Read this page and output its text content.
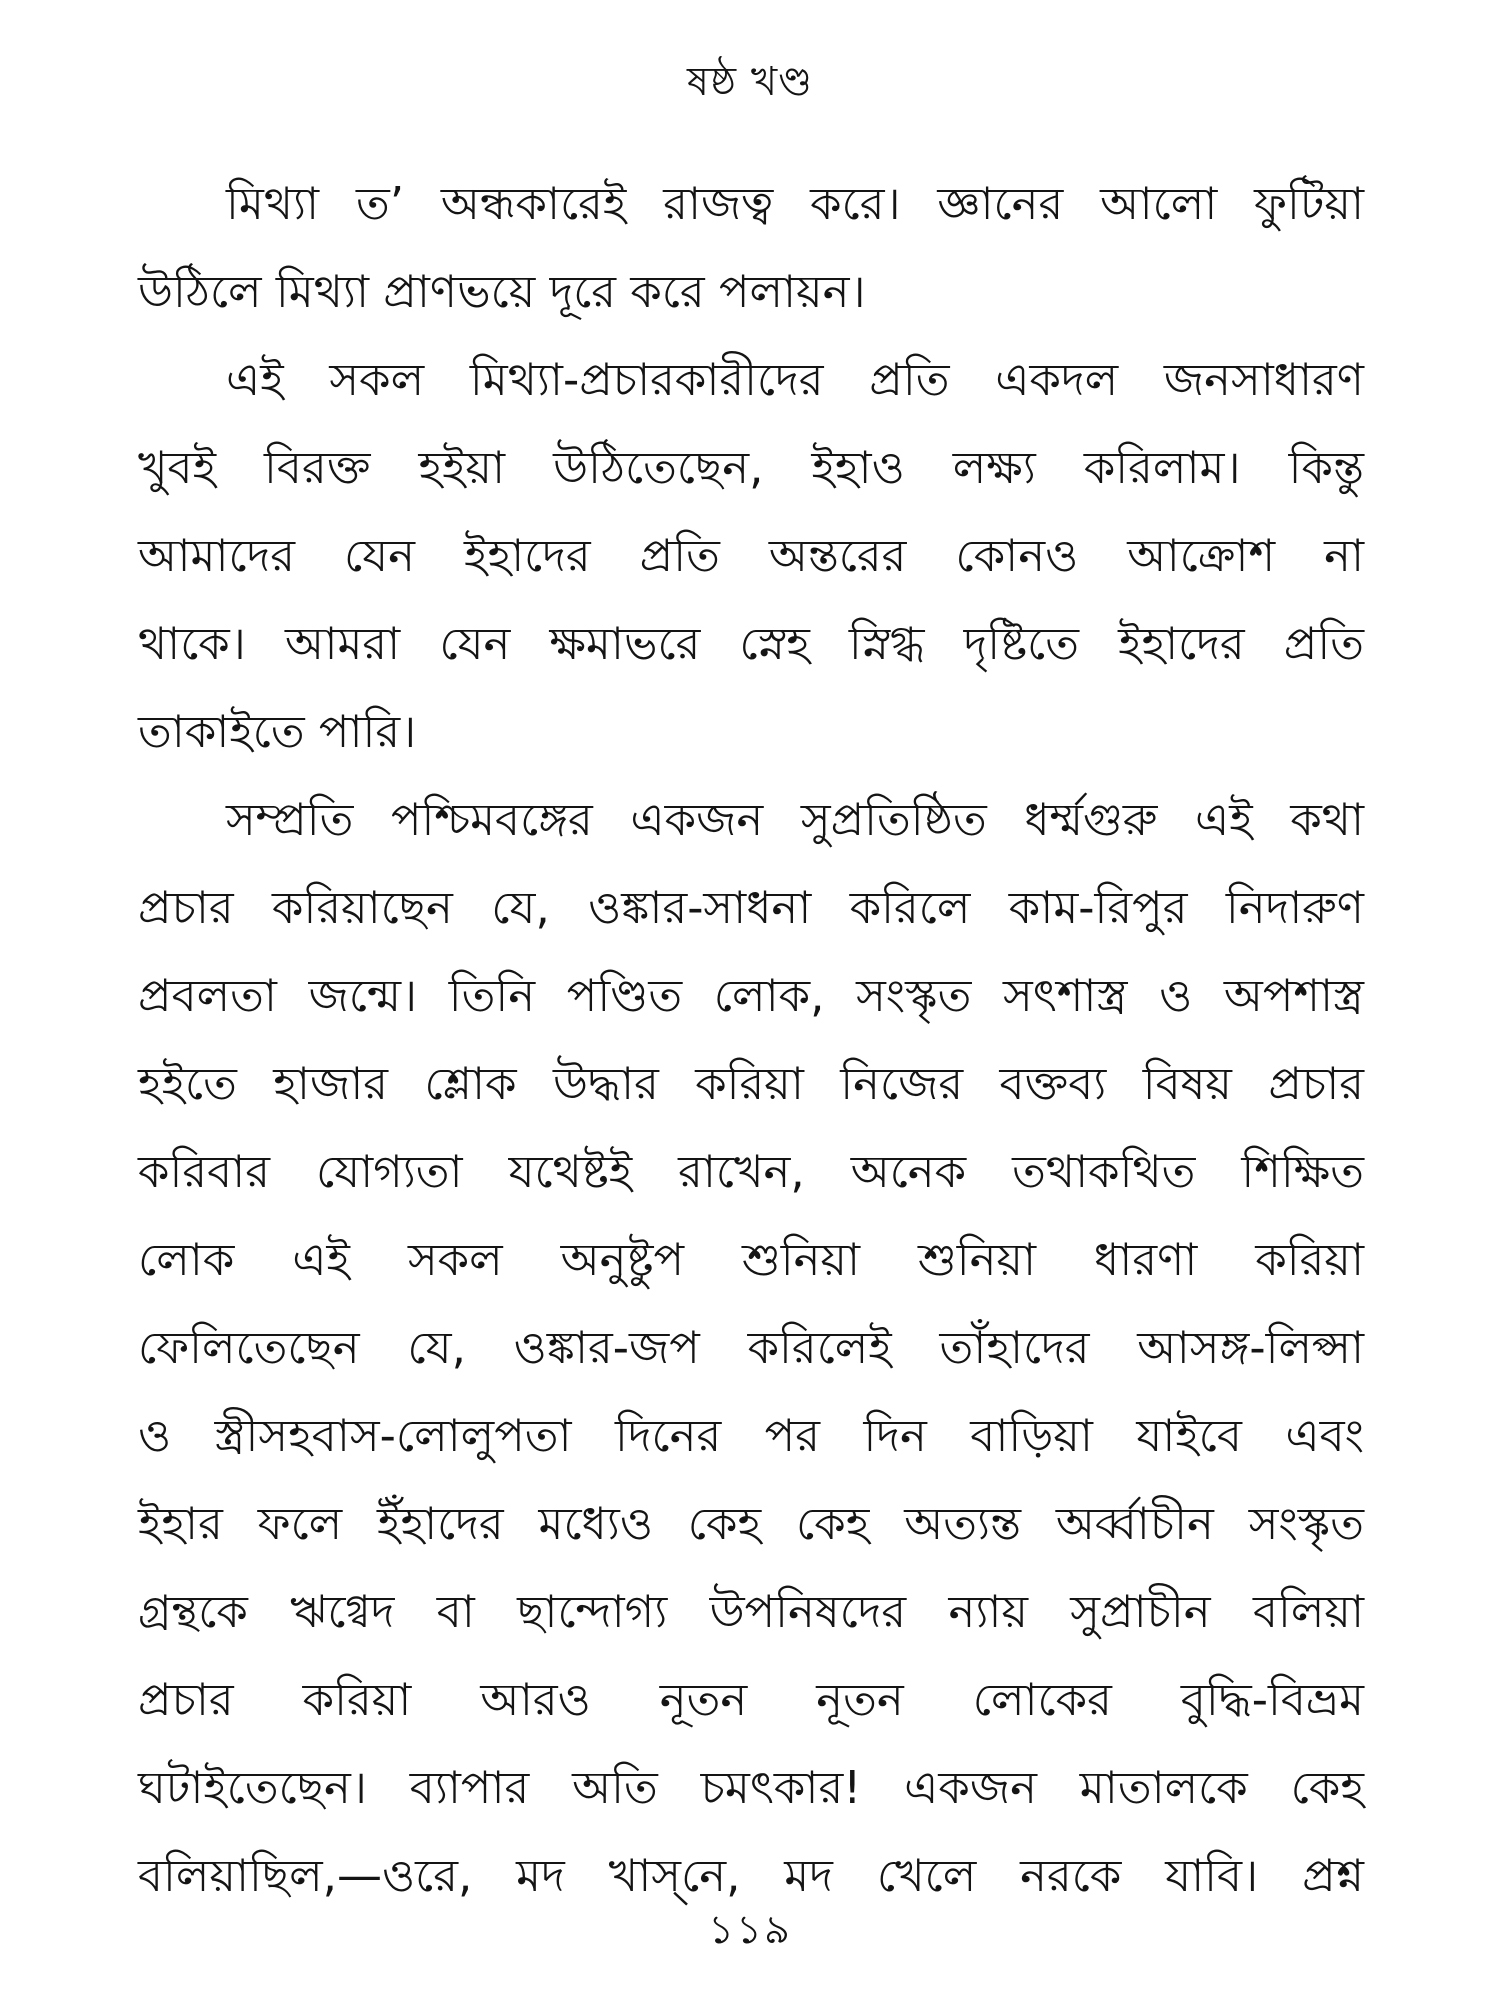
ষষ্ঠ খণ্ড
মিথ্যা ত’ অন্ধকারেই রাজত্ব করে। জ্ঞানের আলো ফুটিয়া
উঠিলে মিথ্যা প্রাণভয়ে দূরে করে পলায়ন।
এই সকল মিথ্যা-প্রচারকারীদের প্রতি একদল জনসাধারণ
খুবই বিরক্ত হইয়া উঠিতেছেন, ইহাও লক্ষ্য করিলাম। কিন্তু
আমাদের যেন ইহাদের প্রতি অন্তরের কোনও আক্রোশ না
থাকে। আমরা যেন ক্ষমাভরে স্নেহ স্নিগ্ধ দৃষ্টিতে ইহাদের প্রতি
তাকাইতে পারি।
সম্প্রতি পশ্চিমবঙ্গের একজন সুপ্রতিষ্ঠিত ধর্ম্মগুরু এই কথা
প্রচার করিয়াছেন যে, ওঙ্কার-সাধনা করিলে কাম-রিপুর নিদারুণ
প্রবলতা জন্মে। তিনি পণ্ডিত লোক, সংস্কৃত সৎশাস্ত্র ও অপশাস্ত্র
হইতে হাজার শ্লোক উদ্ধার করিয়া নিজের বক্তব্য বিষয় প্রচার
করিবার যোগ্যতা যথেষ্টই রাখেন, অনেক তথাকথিত শিক্ষিত
লোক এই সকল অনুষ্টুপ শুনিয়া শুনিয়া ধারণা করিয়া
ফেলিতেছেন যে, ওঙ্কার-জপ করিলেই তাঁহাদের আসঙ্গ-লিপ্সা
ও স্ত্রীসহবাস-লোলুপতা দিনের পর দিন বাড়িয়া যাইবে এবং
ইহার ফলে ইঁহাদের মধ্যেও কেহ কেহ অত্যন্ত অর্ব্বাচীন সংস্কৃত
গ্রন্থকে ঋগ্বেদ বা ছান্দোগ্য উপনিষদের ন্যায় সুপ্রাচীন বলিয়া
প্রচার করিয়া আরও নূতন নূতন লোকের বুদ্ধি-বিভ্রম
ঘটাইতেছেন। ব্যাপার অতি চমৎকার! একজন মাতালকে কেহ
বলিয়াছিল,—ওরে, মদ খাস্‌নে, মদ খেলে নরকে যাবি। প্রশ্ন
১১৯
